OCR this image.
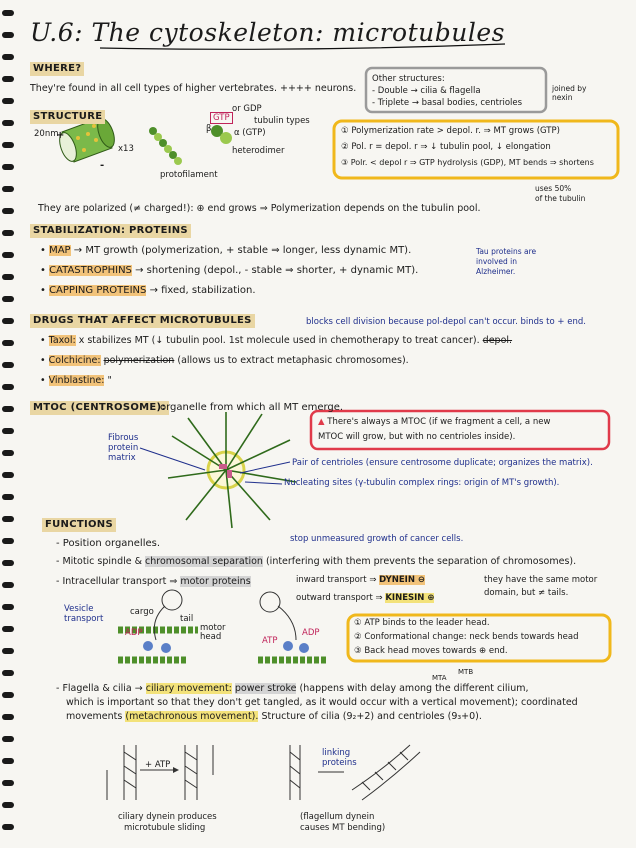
U.6: The cytoskeleton: microtubules
WHERE?
They're found in all cell types of higher vertebrates. ++++ neurons.
Other structures:
- Double → cilia & flagella
- Triplete → basal bodies, centrioles
joined by nexin
STRUCTURE
20nm
x13
GTP
or GDP
β	α (GTP)
tubulin types
heterodimer
protofilament
+
-
① Polymerization rate > depol. r. ⇒ MT grows (GTP)
② Pol. r = depol. r ⇒ ↓ tubulin pool, ↓ elongation
③ Polr. < depol r ⇒ GTP hydrolysis (GDP), MT bends ⇒ shortens
uses 50%
of the tubulin
They are polarized (≠ charged!): ⊕ end grows ⇒ Polymerization depends on the tubulin pool.
STABILIZATION: PROTEINS
• MAP → MT growth (polymerization, + stable ⇒ longer, less dynamic MT).	Tau proteins are
involved in
Alzheimer.
• CATASTROPHINS → shortening (depol., - stable ⇒ shorter, + dynamic MT).
• CAPPING PROTEINS → fixed, stabilization.
DRUGS THAT AFFECT MICROTUBULES	blocks cell division because pol-depol can't occur. binds to + end.
• Taxol: x stabilizes MT (↓ tubulin pool. 1st molecule used in chemotherapy to treat cancer). depol.
• Colchicine: polymerization (allows us to extract metaphasic chromosomes).
• Vinblastine: "
MTOC (CENTROSOME):
organelle from which all MT emerge.
Fibrous
protein
matrix
▲ There's always a MTOC (if we fragment a cell, a new
MTOC will grow, but with no centrioles inside).
Pair of centrioles (ensure centrosome duplicate; organizes the matrix).
Nucleating sites (γ-tubulin complex rings: origin of MT's growth).
FUNCTIONS
- Position organelles.	stop unmeasured growth of cancer cells.
- Mitotic spindle & chromosomal separation (interfering with them prevents the separation of chromosomes).
- Intracellular transport ⇒ motor proteins	inward transport ⇒ DYNEIN ⊖
outward transport ⇒ KINESIN ⊕
they have the same motor
domain, but ≠ tails.
Vesicle
transport
cargo
tail
motor
head
ADP
ATP
ADP
① ATP binds to the leader head.
② Conformational change: neck bends towards head
③ Back head moves towards ⊕ end.
- Flagella & cilia → ciliary movement: power stroke (happens with delay among the different cilium,
which is important so that they don't get tangled, as it would occur with a vertical movement); coordinated
movements (metachronous movement). Structure of cilia (9₂+2) and centrioles (9₃+0).
MTA
MTB
+ ATP
linking
proteins
ciliary dynein produces
microtubule sliding
(flagellum dynein
causes MT bending)
